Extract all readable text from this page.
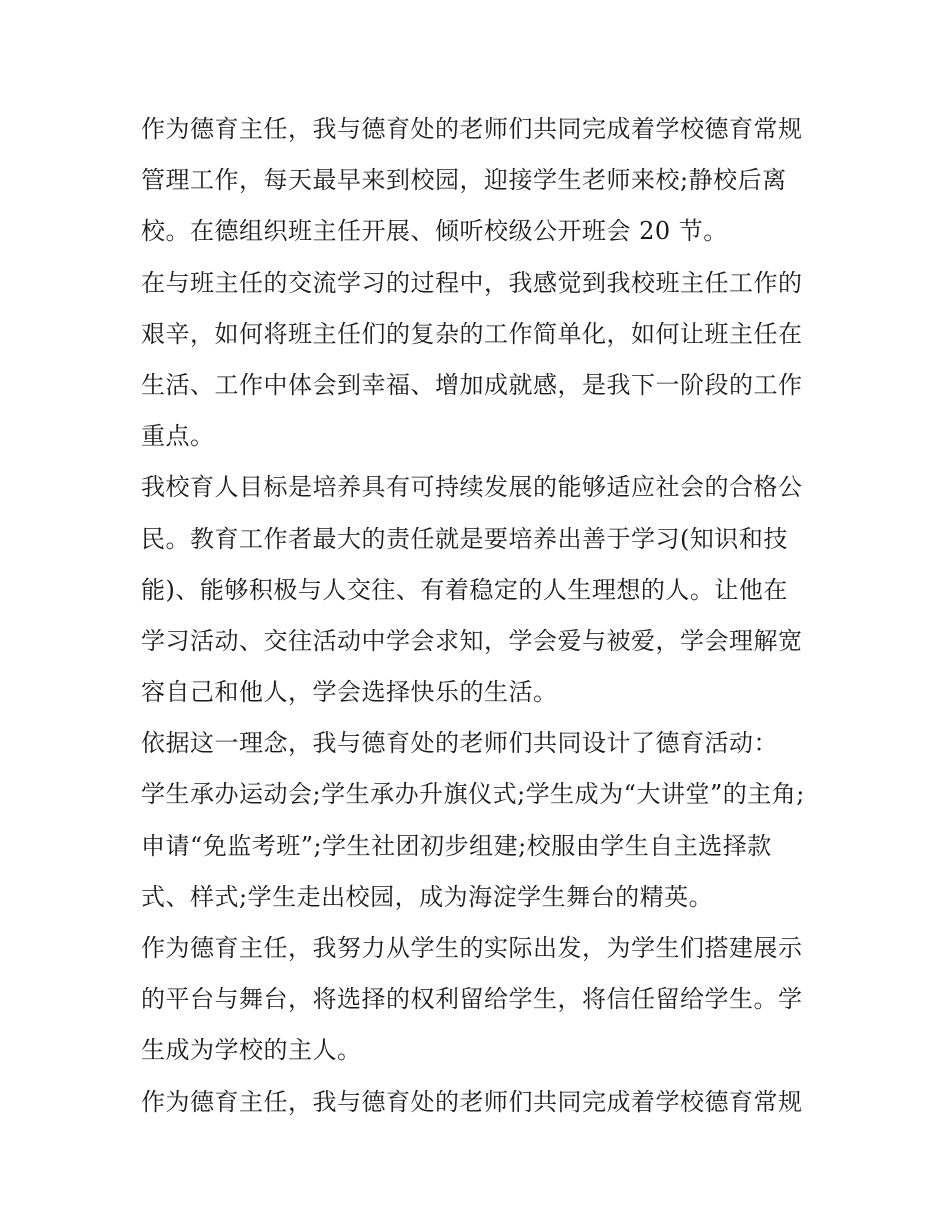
作为德育主任，我与德育处的老师们共同完成着学校德育常规
管理工作，每天最早来到校园，迎接学生老师来校;静校后离
校。在德组织班主任开展、倾听校级公开班会 20 节。
在与班主任的交流学习的过程中，我感觉到我校班主任工作的
艰辛，如何将班主任们的复杂的工作简单化，如何让班主任在
生活、工作中体会到幸福、增加成就感，是我下一阶段的工作
重点。
我校育人目标是培养具有可持续发展的能够适应社会的合格公
民。教育工作者最大的责任就是要培养出善于学习(知识和技
能)、能够积极与人交往、有着稳定的人生理想的人。让他在
学习活动、交往活动中学会求知，学会爱与被爱，学会理解宽
容自己和他人，学会选择快乐的生活。
依据这一理念，我与德育处的老师们共同设计了德育活动：
学生承办运动会;学生承办升旗仪式;学生成为“大讲堂”的主角;
申请“免监考班”;学生社团初步组建;校服由学生自主选择款
式、样式;学生走出校园，成为海淀学生舞台的精英。
作为德育主任，我努力从学生的实际出发，为学生们搭建展示
的平台与舞台，将选择的权利留给学生，将信任留给学生。学
生成为学校的主人。
作为德育主任，我与德育处的老师们共同完成着学校德育常规
